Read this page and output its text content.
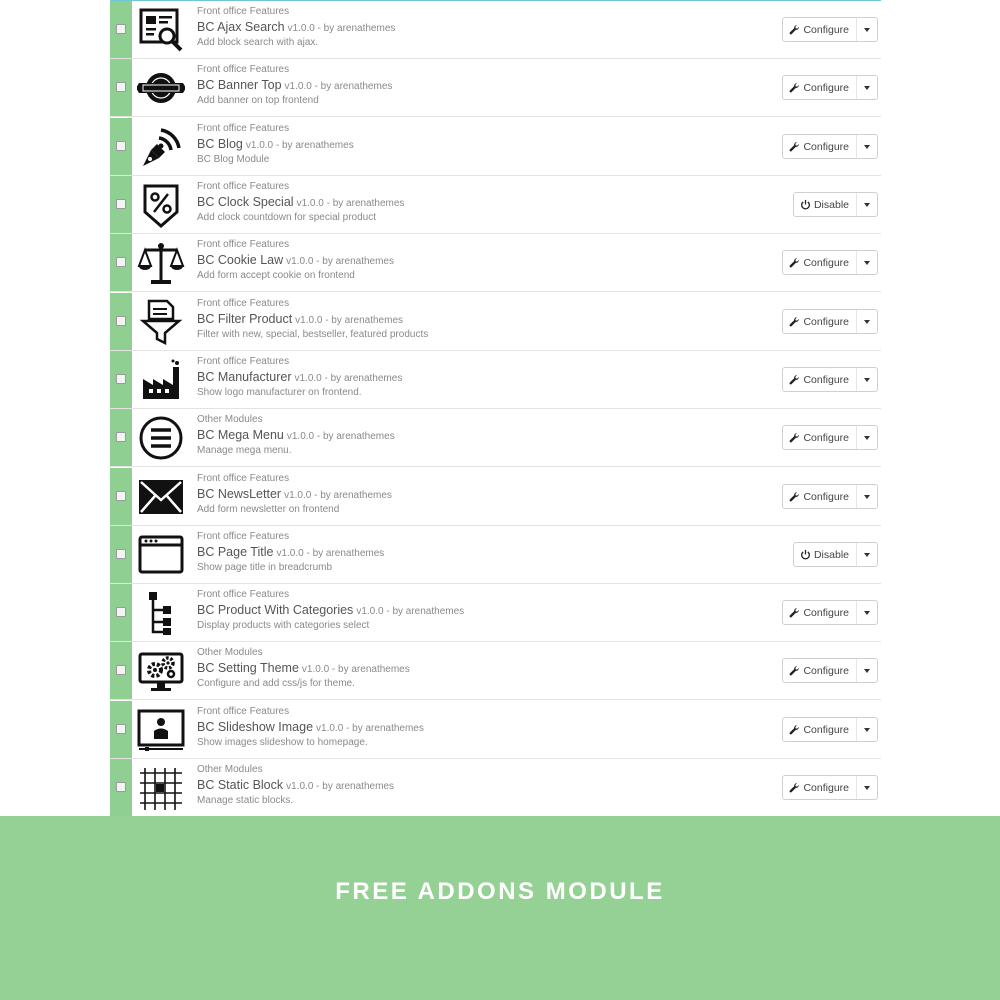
Front office Features
BC Ajax Search v1.0.0 - by arenathemes
Add block search with ajax.
Configure
Front office Features
BC Banner Top v1.0.0 - by arenathemes
Add banner on top frontend
Configure
Front office Features
BC Blog v1.0.0 - by arenathemes
BC Blog Module
Configure
Front office Features
BC Clock Special v1.0.0 - by arenathemes
Add clock countdown for special product
Disable
Front office Features
BC Cookie Law v1.0.0 - by arenathemes
Add form accept cookie on frontend
Configure
Front office Features
BC Filter Product v1.0.0 - by arenathemes
Filter with new, special, bestseller, featured products
Configure
Front office Features
BC Manufacturer v1.0.0 - by arenathemes
Show logo manufacturer on frontend.
Configure
Other Modules
BC Mega Menu v1.0.0 - by arenathemes
Manage mega menu.
Configure
Front office Features
BC NewsLetter v1.0.0 - by arenathemes
Add form newsletter on frontend
Configure
Front office Features
BC Page Title v1.0.0 - by arenathemes
Show page title in breadcrumb
Disable
Front office Features
BC Product With Categories v1.0.0 - by arenathemes
Display products with categories select
Configure
Other Modules
BC Setting Theme v1.0.0 - by arenathemes
Configure and add css/js for theme.
Configure
Front office Features
BC Slideshow Image v1.0.0 - by arenathemes
Show images slideshow to homepage.
Configure
Other Modules
BC Static Block v1.0.0 - by arenathemes
Manage static blocks.
Configure
FREE ADDONS MODULE
